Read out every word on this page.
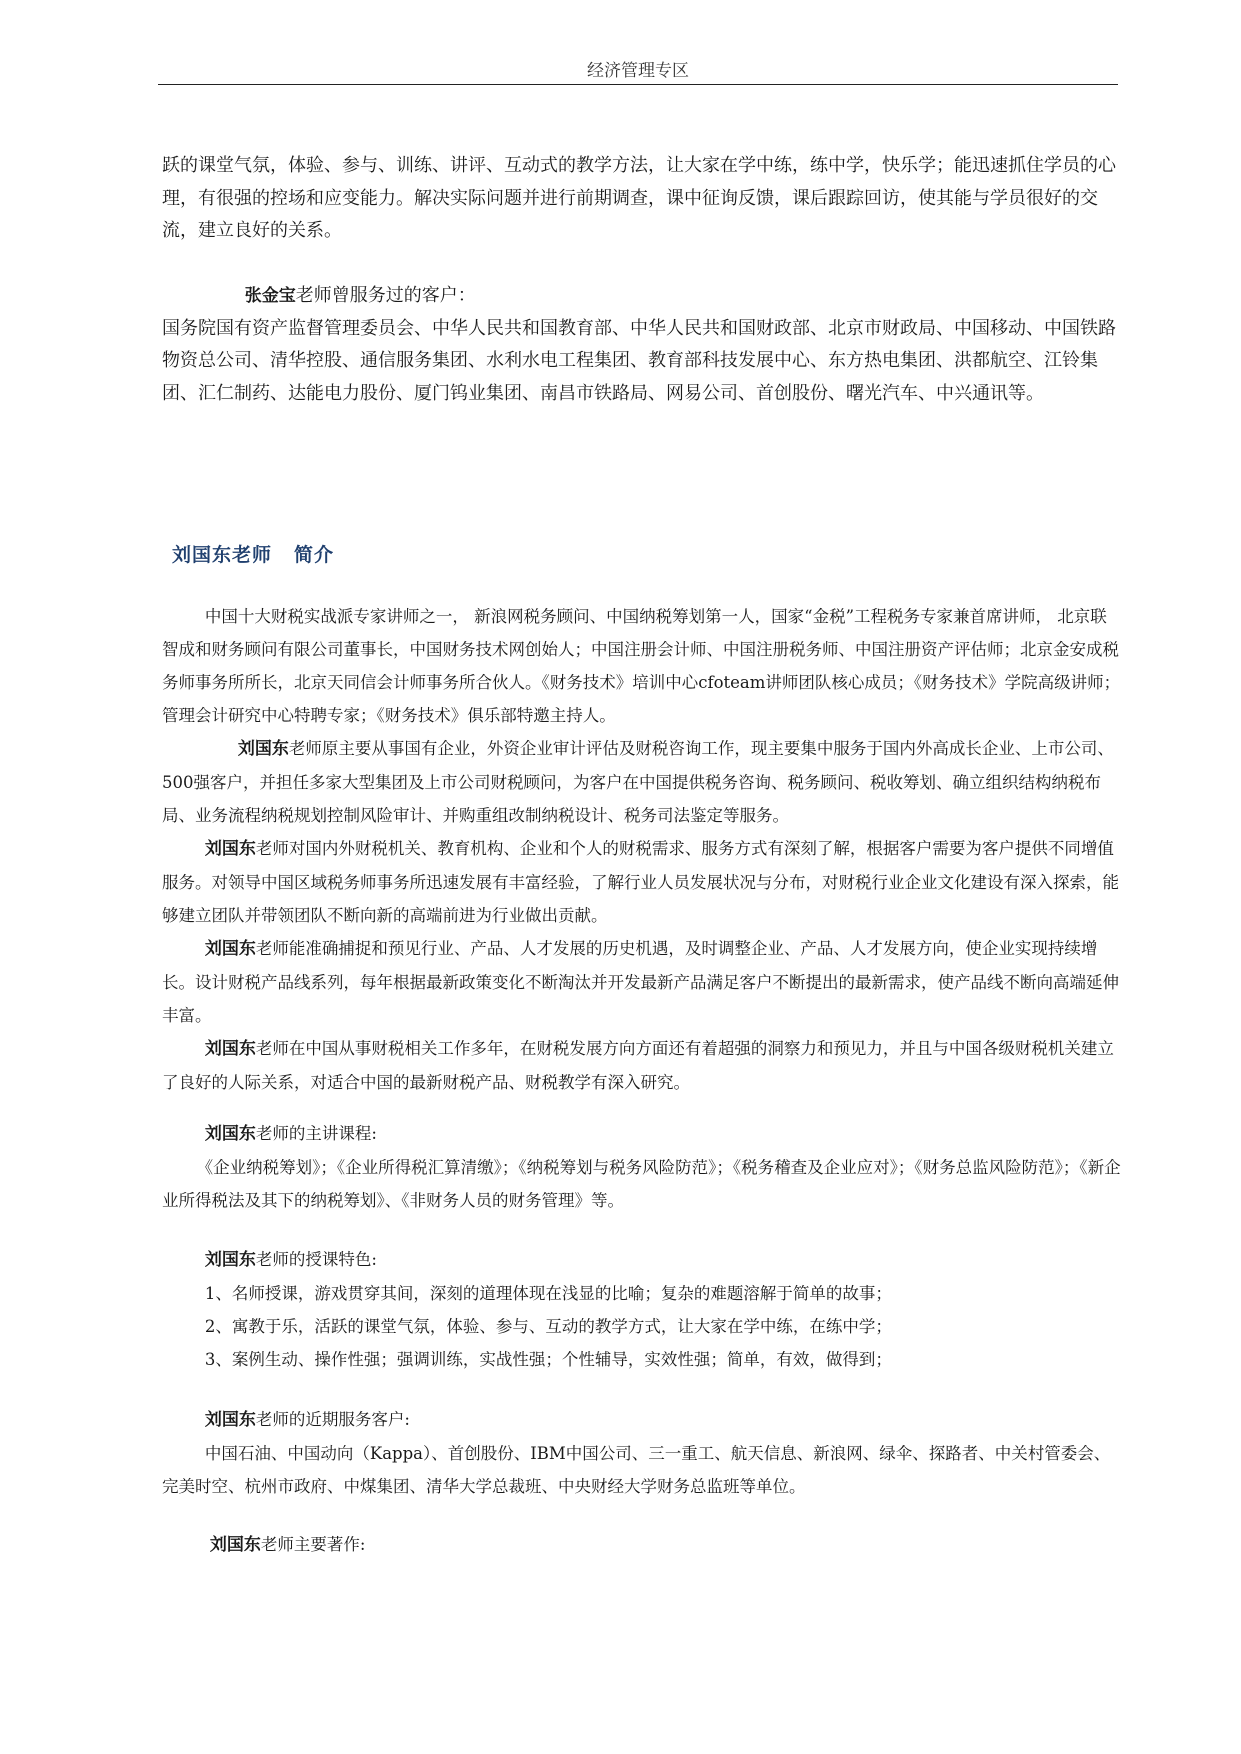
经济管理专区

跃的课堂气氛，体验、参与、训练、讲评、互动式的教学方法，让大家在学中练，练中学，快乐学；能迅速抓住学员的心理，有很强的控场和应变能力。解决实际问题并进行前期调查，课中征询反馈，课后跟踪回访，使其能与学员很好的交流，建立良好的关系。

张金宝老师曾服务过的客户：

国务院国有资产监督管理委员会、中华人民共和国教育部、中华人民共和国财政部、北京市财政局、中国移动、中国铁路物资总公司、清华控股、通信服务集团、水利水电工程集团、教育部科技发展中心、东方热电集团、洪都航空、江铃集团、汇仁制药、达能电力股份、厦门钨业集团、南昌市铁路局、网易公司、首创股份、曙光汽车、中兴通讯等。

刘国东老师 简介

中国十大财税实战派专家讲师之一， 新浪网税务顾问、中国纳税筹划第一人，国家“金税”工程税务专家兼首席讲师， 北京联智成和财务顾问有限公司董事长，中国财务技术网创始人；中国注册会计师、中国注册税务师、中国注册资产评估师；北京金安成税务师事务所所长，北京天同信会计师事务所合伙人。《财务技术》培训中心cfoteam讲师团队核心成员；《财务技术》学院高级讲师；管理会计研究中心特聘专家；《财务技术》俱乐部特邀主持人。

刘国东老师原主要从事国有企业，外资企业审计评估及财税咨询工作，现主要集中服务于国内外高成长企业、上市公司、500强客户，并担任多家大型集团及上市公司财税顾问，为客户在中国提供税务咨询、税务顾问、税收筹划、确立组织结构纳税布局、业务流程纳税规划控制风险审计、并购重组改制纳税设计、税务司法鉴定等服务。

刘国东老师对国内外财税机关、教育机构、企业和个人的财税需求、服务方式有深刻了解，根据客户需要为客户提供不同增值服务。对领导中国区域税务师事务所迅速发展有丰富经验，了解行业人员发展状况与分布，对财税行业企业文化建设有深入探索，能够建立团队并带领团队不断向新的高端前进为行业做出贡献。

刘国东老师能准确捕捉和预见行业、产品、人才发展的历史机遇，及时调整企业、产品、人才发展方向，使企业实现持续增长。设计财税产品线系列，每年根据最新政策变化不断淘汰并开发最新产品满足客户不断提出的最新需求，使产品线不断向高端延伸丰富。

刘国东老师在中国从事财税相关工作多年，在财税发展方向方面还有着超强的洞察力和预见力，并且与中国各级财税机关建立了良好的人际关系，对适合中国的最新财税产品、财税教学有深入研究。

刘国东老师的主讲课程:

《企业纳税筹划》；《企业所得税汇算清缴》；《纳税筹划与税务风险防范》；《税务稽查及企业应对》；《财务总监风险防范》；《新企业所得税法及其下的纳税筹划》、《非财务人员的财务管理》等。

刘国东老师的授课特色:

1、名师授课，游戏贯穿其间，深刻的道理体现在浅显的比喻；复杂的难题溶解于简单的故事；

2、寓教于乐，活跃的课堂气氛，体验、参与、互动的教学方式，让大家在学中练，在练中学；

3、案例生动、操作性强；强调训练，实战性强；个性辅导，实效性强；简单，有效，做得到；

刘国东老师的近期服务客户:

中国石油、中国动向（Kappa）、首创股份、IBM中国公司、三一重工、航天信息、新浪网、绿伞、探路者、中关村管委会、完美时空、杭州市政府、中煤集团、清华大学总裁班、中央财经大学财务总监班等单位。

刘国东老师主要著作:
